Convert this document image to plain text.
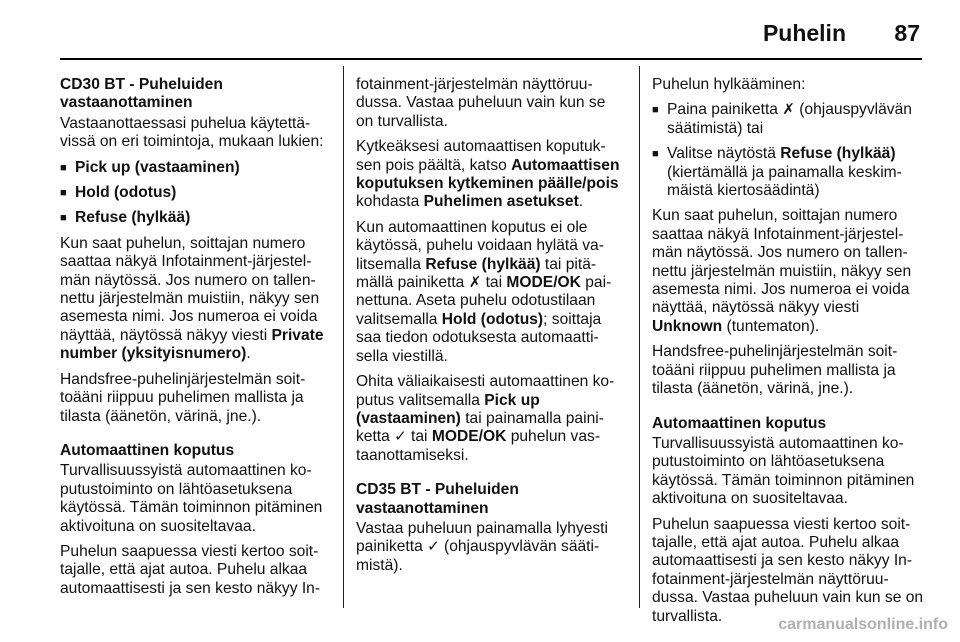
Puhelin 87
CD30 BT - Puheluiden
vastaanottaminen

Vastaanottaessasi puhelua käytettävissä on eri toimintoja, mukaan lukien:

■ Pick up (vastaaminen)
■ Hold (odotus)
■ Refuse (hylkää)

Kun saat puhelun, soittajan numero saattaa näkyä Infotainment-järjestelmän näytössä. Jos numero on tallennettu järjestelmän muistiin, näkyy sen asemesta nimi. Jos numeroa ei voida näyttää, näytössä näkyy viesti Private number (yksityisnumero).

Handsfree-puhelinjärjestelmän soittoääni riippuu puhelimen mallista ja tilasta (äänetön, värinä, jne.).

Automaattinen koputus

Turvallisuussyistä automaattinen koputustoiminto on lähtöasetuksena käytössä. Tämän toiminnon pitäminen aktivoituna on suositeltavaa.

Puhelun saapuessa viesti kertoo soittajalle, että ajat autoa. Puhelu alkaa automaattisesti ja sen kesto näkyy In-

fotainment-järjestelmän näyttöruudussa. Vastaa puheluun vain kun se on turvallista.

Kytkeäksesi automaattisen koputuksen pois päältä, katso Automaattisen koputuksen kytkeminen päälle/pois kohdasta Puhelimen asetukset.

Kun automaattinen koputus ei ole käytössä, puhelu voidaan hylätä valitsemalla Refuse (hylkää) tai pitämällä painiketta ✗ tai MODE/OK painettuna. Aseta puhelu odotustilaan valitsemalla Hold (odotus); soittaja saa tiedon odotuksesta automaattisella viestillä.

Ohita väliaikaisesti automaattinen koputus valitsemalla Pick up (vastaaminen) tai painamalla painiketta ✓ tai MODE/OK puhelun vastaanottamiseksi.

CD35 BT - Puheluiden
vastaanottaminen

Vastaa puheluun painamalla lyhyesti painiketta ✓ (ohjauspyvlävän säätimistä).

Puhelun hylkääminen:

■ Paina painiketta ✗ (ohjauspyvlävän säätimistä) tai
■ Valitse näytöstä Refuse (hylkää) (kiertämällä ja painamalla keskimmäistä kiertosäädintä)

Kun saat puhelun, soittajan numero saattaa näkyä Infotainment-järjestelmän näytössä. Jos numero on tallennettu järjestelmän muistiin, näkyy sen asemesta nimi. Jos numeroa ei voida näyttää, näytössä näkyy viesti Unknown (tuntematon).

Handsfree-puhelinjärjestelmän soittoääni riippuu puhelimen mallista ja tilasta (äänetön, värinä, jne.).

Automaattinen koputus

Turvallisuussyistä automaattinen koputustoiminto on lähtöasetuksena käytössä. Tämän toiminnon pitäminen aktivoituna on suositeltavaa.

Puhelun saapuessa viesti kertoo soittajalle, että ajat autoa. Puhelu alkaa automaattisesti ja sen kesto näkyy Infotainment-järjestelmän näyttöruudussa. Vastaa puheluun vain kun se on turvallista.	carmanualsonline.info
